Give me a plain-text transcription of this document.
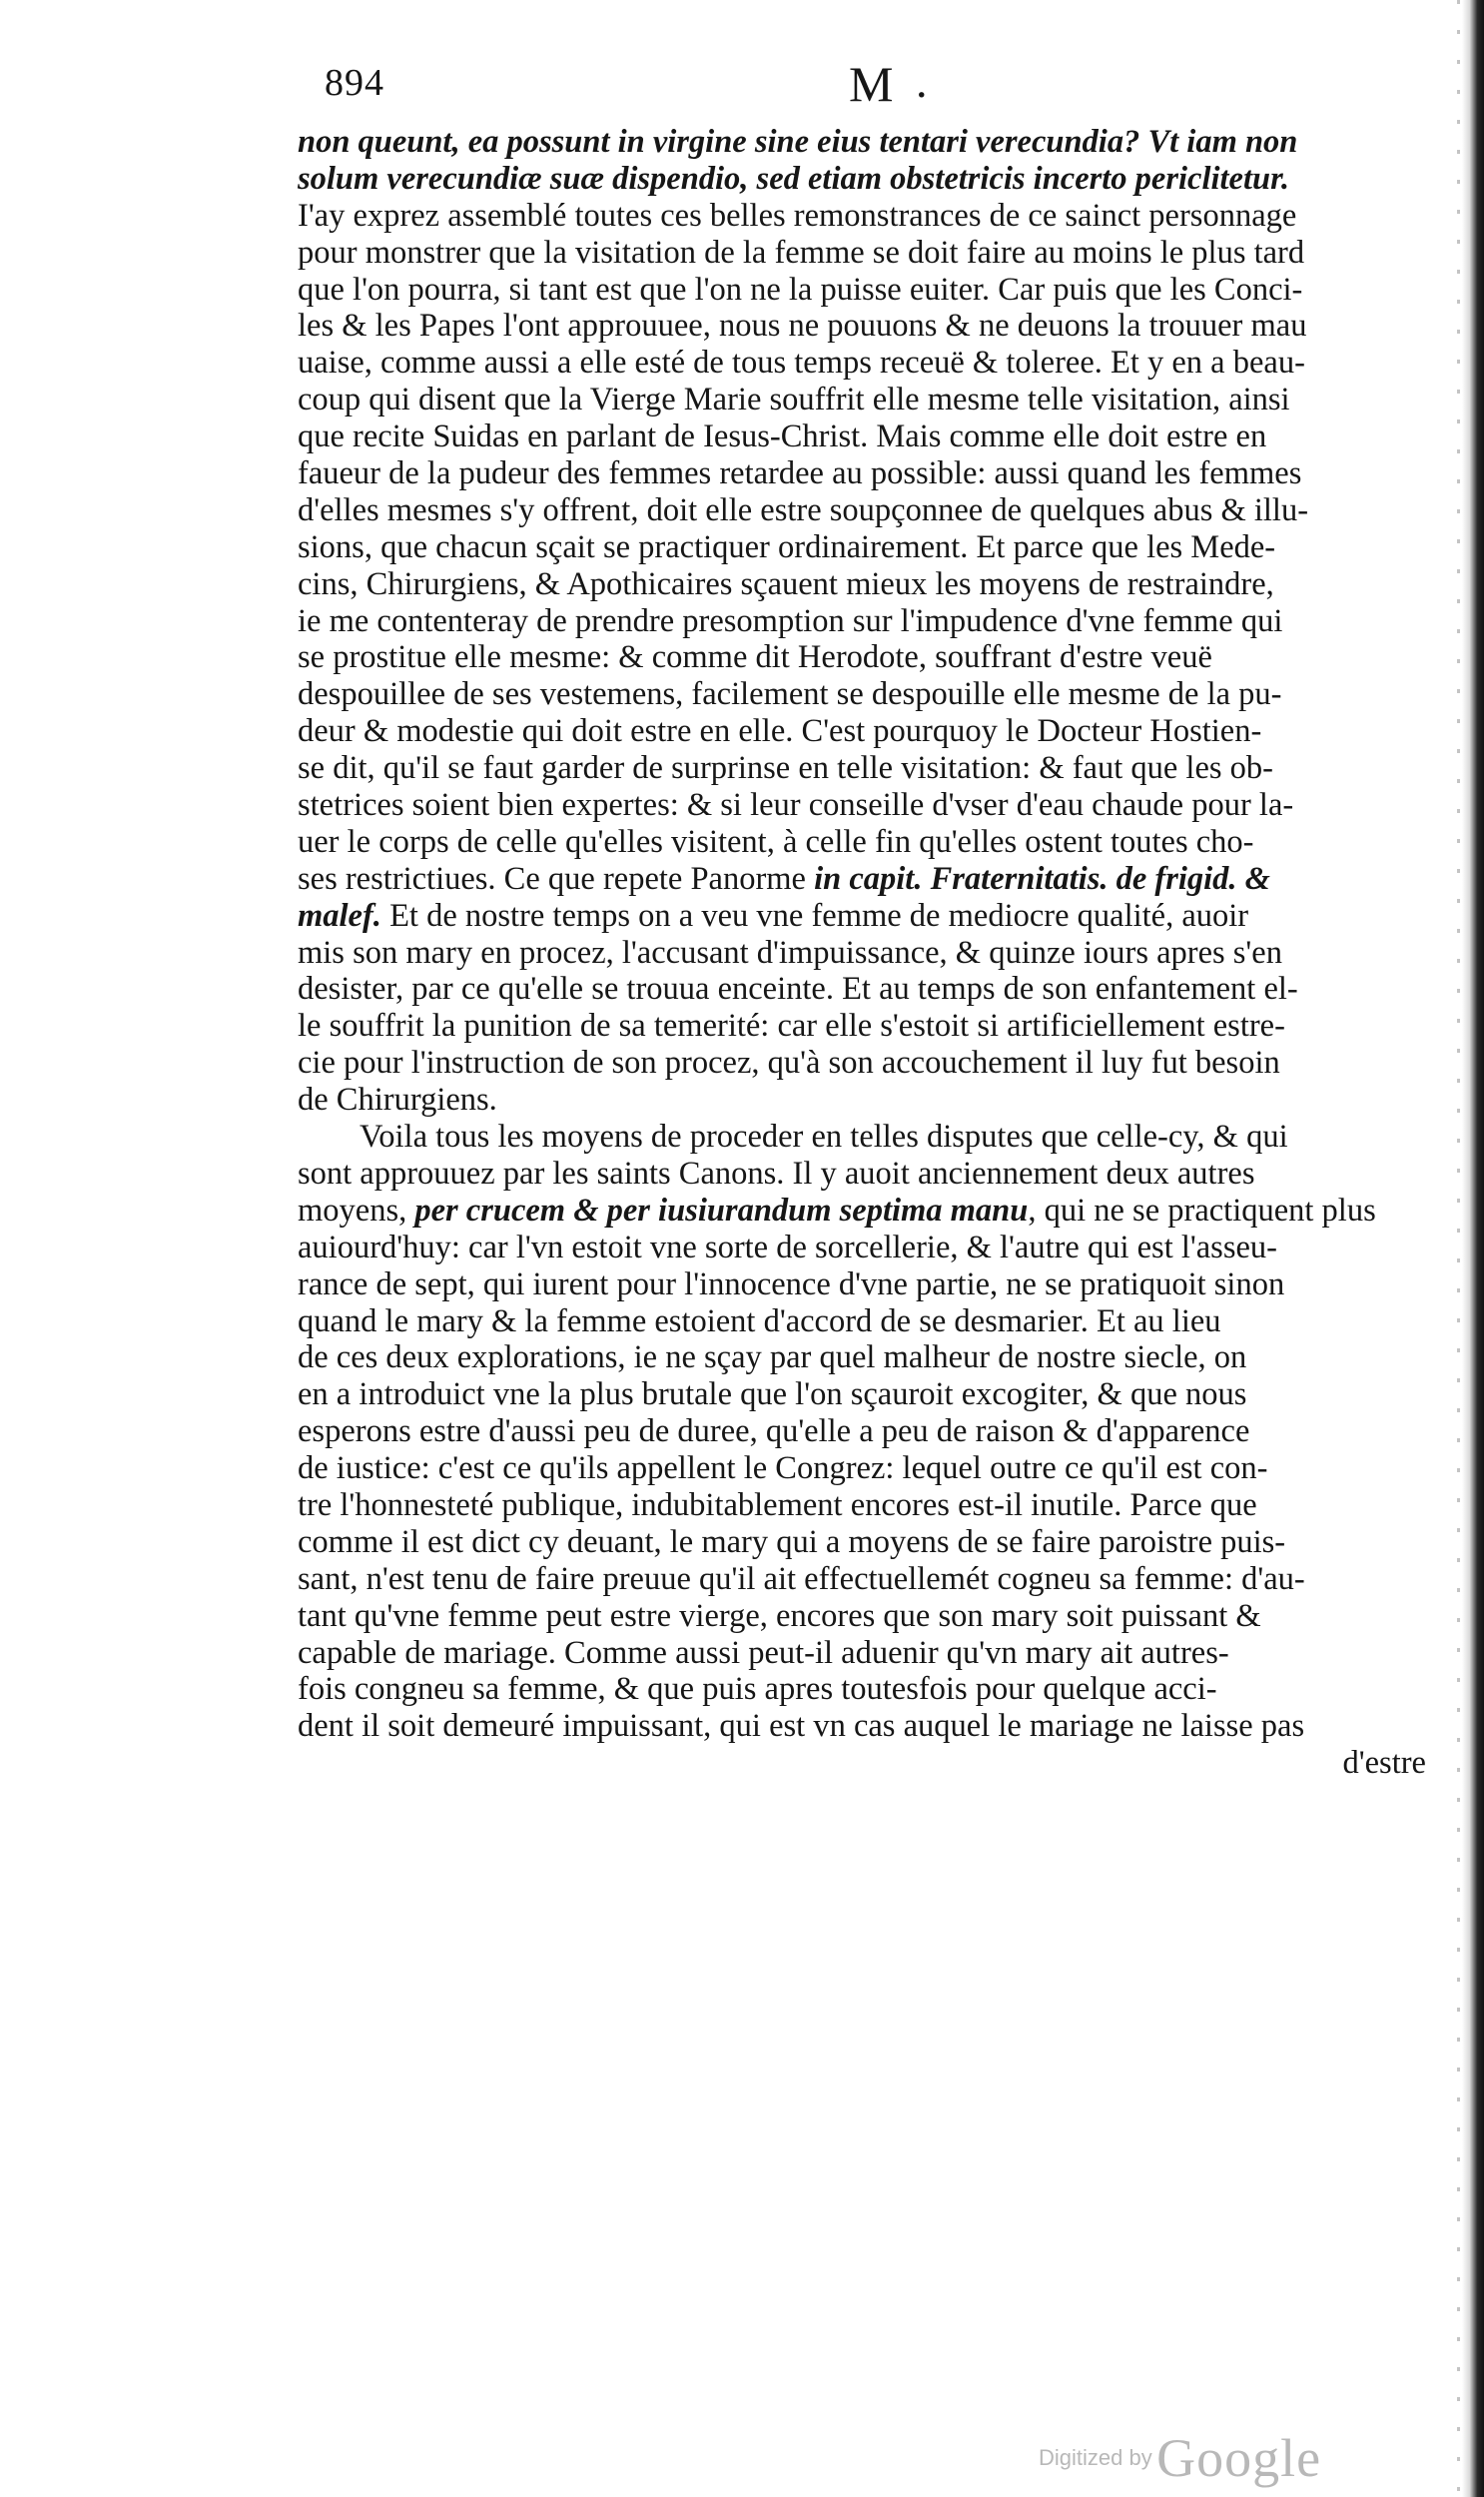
894	M .
non queunt, ea possunt in virgine sine eius tentari verecundia? Vt iam non
solum verecundiæ suæ dispendio, sed etiam obstetricis incerto periclitetur.
I'ay exprez assemblé toutes ces belles remonstrances de ce sainct personnage
pour monstrer que la visitation de la femme se doit faire au moins le plus tard
que l'on pourra, si tant est que l'on ne la puisse euiter. Car puis que les Conci-
les & les Papes l'ont approuuee, nous ne pouuons & ne deuons la trouuer mau
uaise, comme aussi a elle esté de tous temps receuë & toleree. Et y en a beau-
coup qui disent que la Vierge Marie souffrit elle mesme telle visitation, ainsi
que recite Suidas en parlant de Iesus-Christ. Mais comme elle doit estre en
faueur de la pudeur des femmes retardee au possible: aussi quand les femmes
d'elles mesmes s'y offrent, doit elle estre soupçonnee de quelques abus & illu-
sions, que chacun sçait se practiquer ordinairement. Et parce que les Mede-
cins, Chirurgiens, & Apothicaires sçauent mieux les moyens de restraindre,
ie me contenteray de prendre presomption sur l'impudence d'vne femme qui
se prostitue elle mesme: & comme dit Herodote, souffrant d'estre veuë
despouillee de ses vestemens, facilement se despouille elle mesme de la pu-
deur & modestie qui doit estre en elle. C'est pourquoy le Docteur Hostien-
se dit, qu'il se faut garder de surprinse en telle visitation: & faut que les ob-
stetrices soient bien expertes: & si leur conseille d'vser d'eau chaude pour la-
uer le corps de celle qu'elles visitent, à celle fin qu'elles ostent toutes cho-
ses restrictiues. Ce que repete Panorme in capit. Fraternitatis. de frigid. &
malef. Et de nostre temps on a veu vne femme de mediocre qualité, auoir
mis son mary en procez, l'accusant d'impuissance, & quinze iours apres s'en
desister, par ce qu'elle se trouua enceinte. Et au temps de son enfantement el-
le souffrit la punition de sa temerité: car elle s'estoit si artificiellement estre-
cie pour l'instruction de son procez, qu'à son accouchement il luy fut besoin
de Chirurgiens.
Voila tous les moyens de proceder en telles disputes que celle-cy, & qui
sont approuuez par les saints Canons. Il y auoit anciennement deux autres
moyens, per crucem & per iusiurandum septima manu, qui ne se practiquent plus
auiourd'huy: car l'vn estoit vne sorte de sorcellerie, & l'autre qui est l'asseu-
rance de sept, qui iurent pour l'innocence d'vne partie, ne se pratiquoit sinon
quand le mary & la femme estoient d'accord de se desmarier. Et au lieu
de ces deux explorations, ie ne sçay par quel malheur de nostre siecle, on
en a introduict vne la plus brutale que l'on sçauroit excogiter, & que nous
esperons estre d'aussi peu de duree, qu'elle a peu de raison & d'apparence
de iustice: c'est ce qu'ils appellent le Congrez: lequel outre ce qu'il est con-
tre l'honnesteté publique, indubitablement encores est-il inutile. Parce que
comme il est dict cy deuant, le mary qui a moyens de se faire paroistre puis-
sant, n'est tenu de faire preuue qu'il ait effectuellemét cogneu sa femme: d'au-
tant qu'vne femme peut estre vierge, encores que son mary soit puissant &
capable de mariage. Comme aussi peut-il aduenir qu'vn mary ait autres-
fois congneu sa femme, & que puis apres toutesfois pour quelque acci-
dent il soit demeuré impuissant, qui est vn cas auquel le mariage ne laisse pas
d'estre
Digitized by Google
